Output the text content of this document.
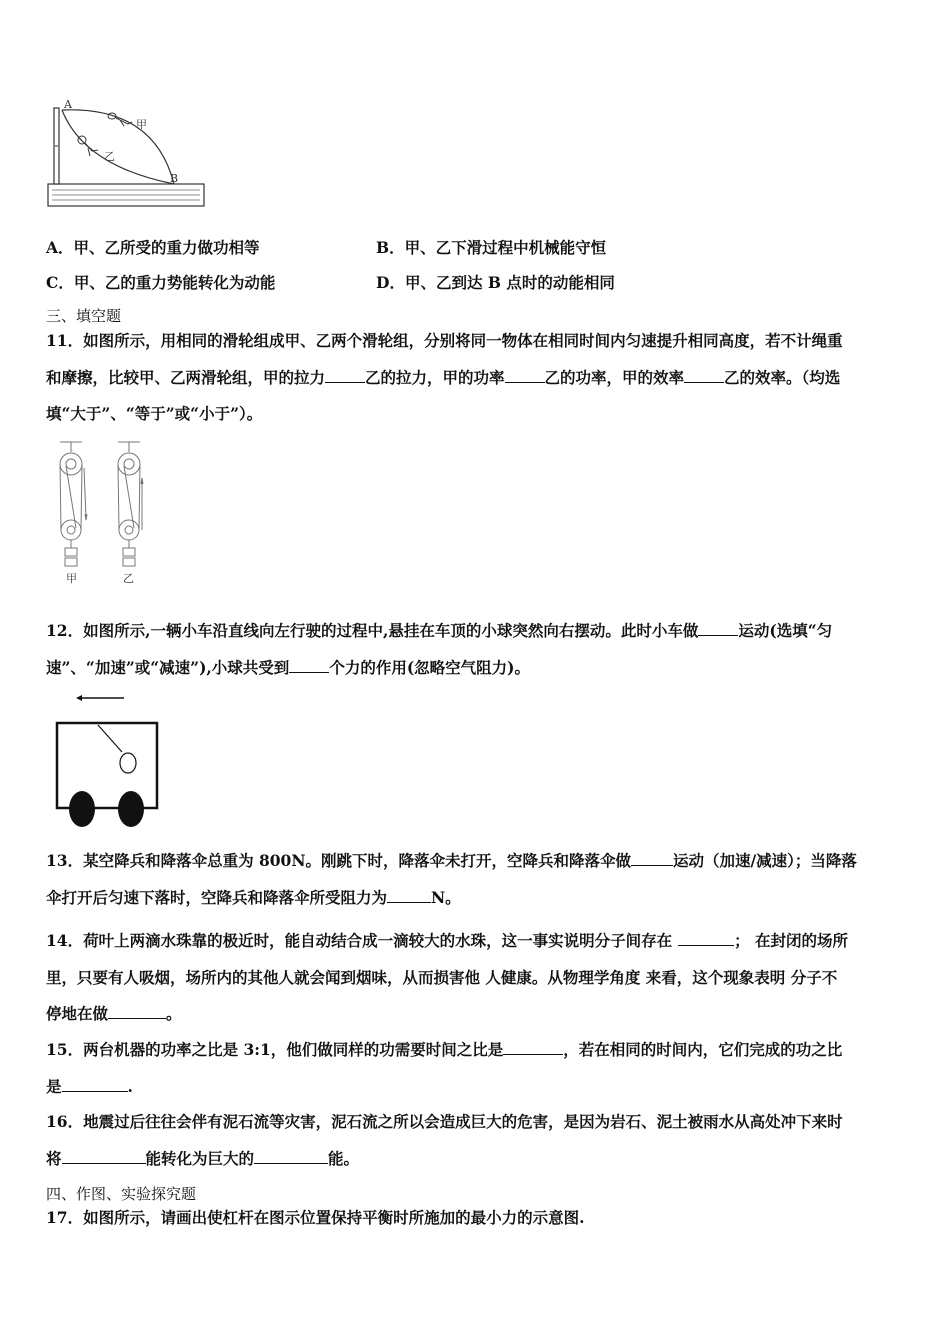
A
B
甲
乙
A．甲、乙所受的重力做功相等	B．甲、乙下滑过程中机械能守恒
C．甲、乙的重力势能转化为动能	D．甲、乙到达 B 点时的动能相同
三、填空题
11．如图所示，用相同的滑轮组成甲、乙两个滑轮组，分别将同一物体在相同时间内匀速提升相同高度，若不计绳重
和摩擦，比较甲、乙两滑轮组，甲的拉力	乙的拉力，甲的功率	乙的功率，甲的效率	乙的效率。（均选
填“大于”、“等于”或“小于”）。
甲	乙
12．如图所示,一辆小车沿直线向左行驶的过程中,悬挂在车顶的小球突然向右摆动。此时小车做	运动(选填“匀
速”、“加速”或“减速”),小球共受到	个力的作用(忽略空气阻力)。
13．某空降兵和降落伞总重为 800N。刚跳下时，降落伞未打开，空降兵和降落伞做	运动（加速/减速）；当降落
伞打开后匀速下落时，空降兵和降落伞所受阻力为	N。
14．荷叶上两滴水珠靠的极近时，能自动结合成一滴较大的水珠，这一事实说明分子间存在	； 在封闭的场所
里，只要有人吸烟，场所内的其他人就会闻到烟味，从而损害他 人健康。从物理学角度 来看，这个现象表明 分子不
停地在做	。
15．两台机器的功率之比是 3:1，他们做同样的功需要时间之比是	，若在相同的时间内，它们完成的功之比
是	.
16．地震过后往往会伴有泥石流等灾害，泥石流之所以会造成巨大的危害，是因为岩石、泥土被雨水从高处冲下来时
将	能转化为巨大的	能。
四、作图、实验探究题
17．如图所示，请画出使杠杆在图示位置保持平衡时所施加的最小力的示意图.
